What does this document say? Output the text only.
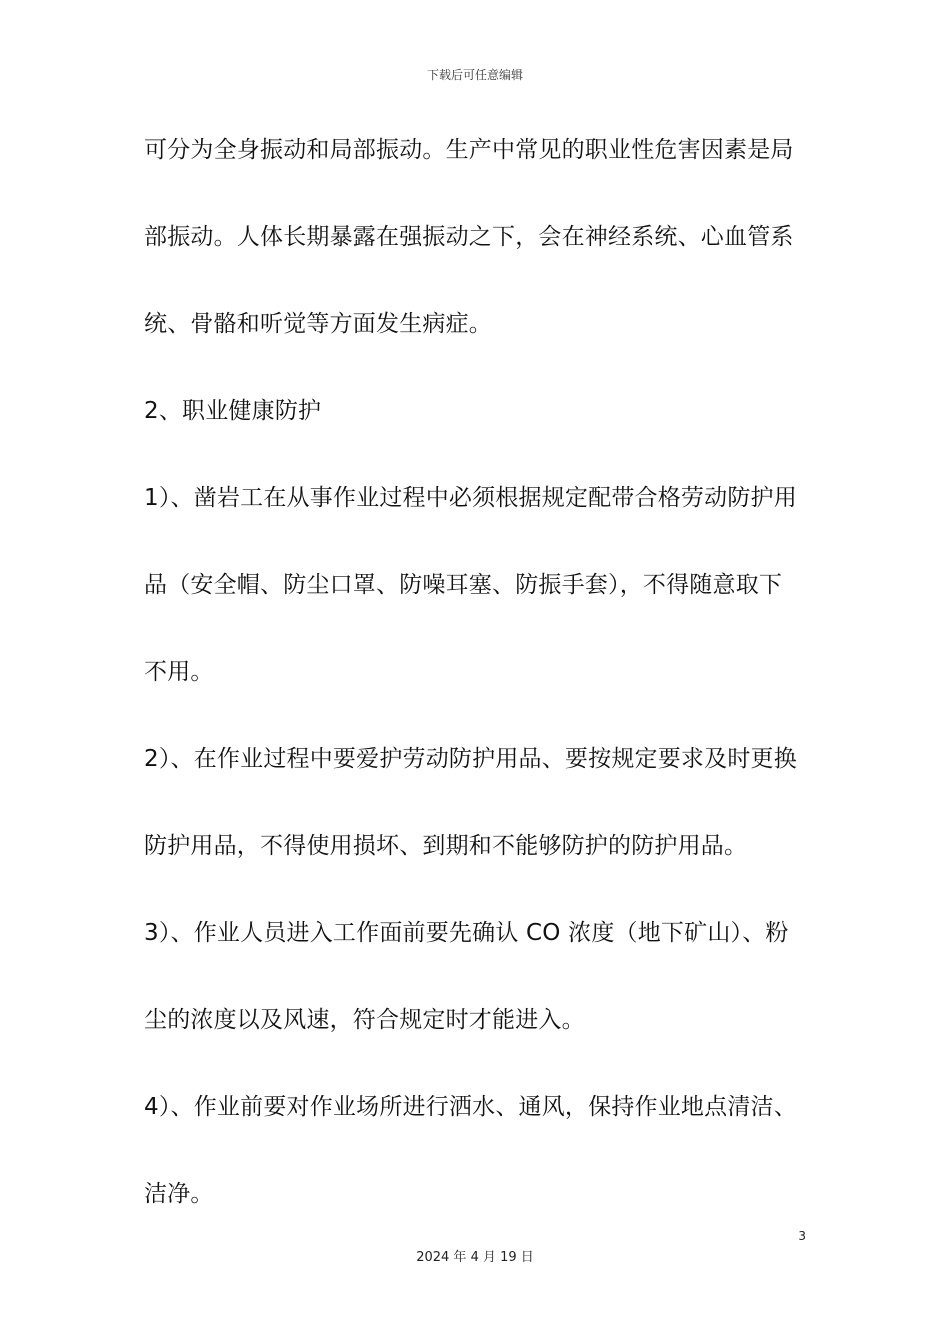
下载后可任意编辑
可分为全身振动和局部振动。生产中常见的职业性危害因素是局
部振动。人体长期暴露在强振动之下，会在神经系统、心血管系
统、骨骼和听觉等方面发生病症。
2、职业健康防护
1）、凿岩工在从事作业过程中必须根据规定配带合格劳动防护用
品（安全帽、防尘口罩、防噪耳塞、防振手套），不得随意取下
不用。
2）、在作业过程中要爱护劳动防护用品、要按规定要求及时更换
防护用品，不得使用损坏、到期和不能够防护的防护用品。
3）、作业人员进入工作面前要先确认 CO 浓度（地下矿山）、粉
尘的浓度以及风速，符合规定时才能进入。
4）、作业前要对作业场所进行洒水、通风，保持作业地点清洁、
洁净。
3
2024 年 4 月 19 日
